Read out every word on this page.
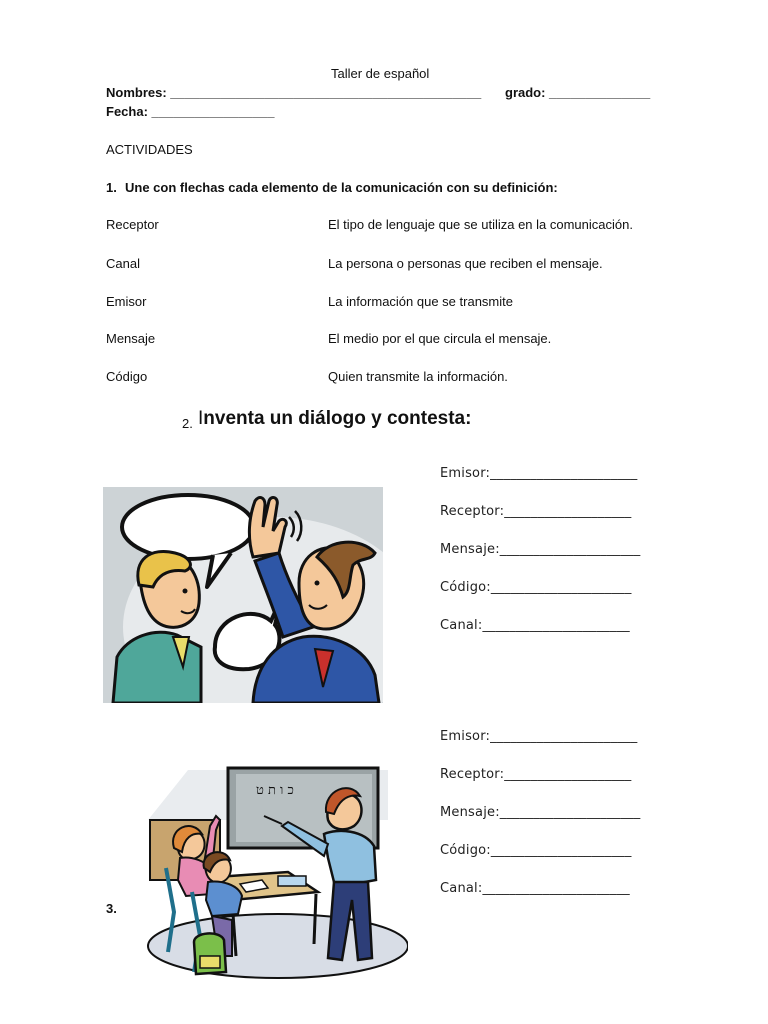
Taller de español
Nombres: ___________________________________________ grado: ______________
Fecha: _________________
ACTIVIDADES
1. Une con flechas cada elemento de la comunicación con su definición:
Receptor
Canal
Emisor
Mensaje
Código
El tipo de lenguaje que se utiliza en la comunicación.
La persona o personas que reciben el mensaje.
La información que se transmite
El medio por el que circula el mensaje.
Quien transmite la información.
2. Inventa un diálogo y contesta:
Emisor:______________________
Receptor:___________________
Mensaje:_____________________
Código:_____________________
Canal:______________________
Emisor:______________________
Receptor:___________________
Mensaje:_____________________
Código:_____________________
Canal:______________________
3.
כ ו ת ט
